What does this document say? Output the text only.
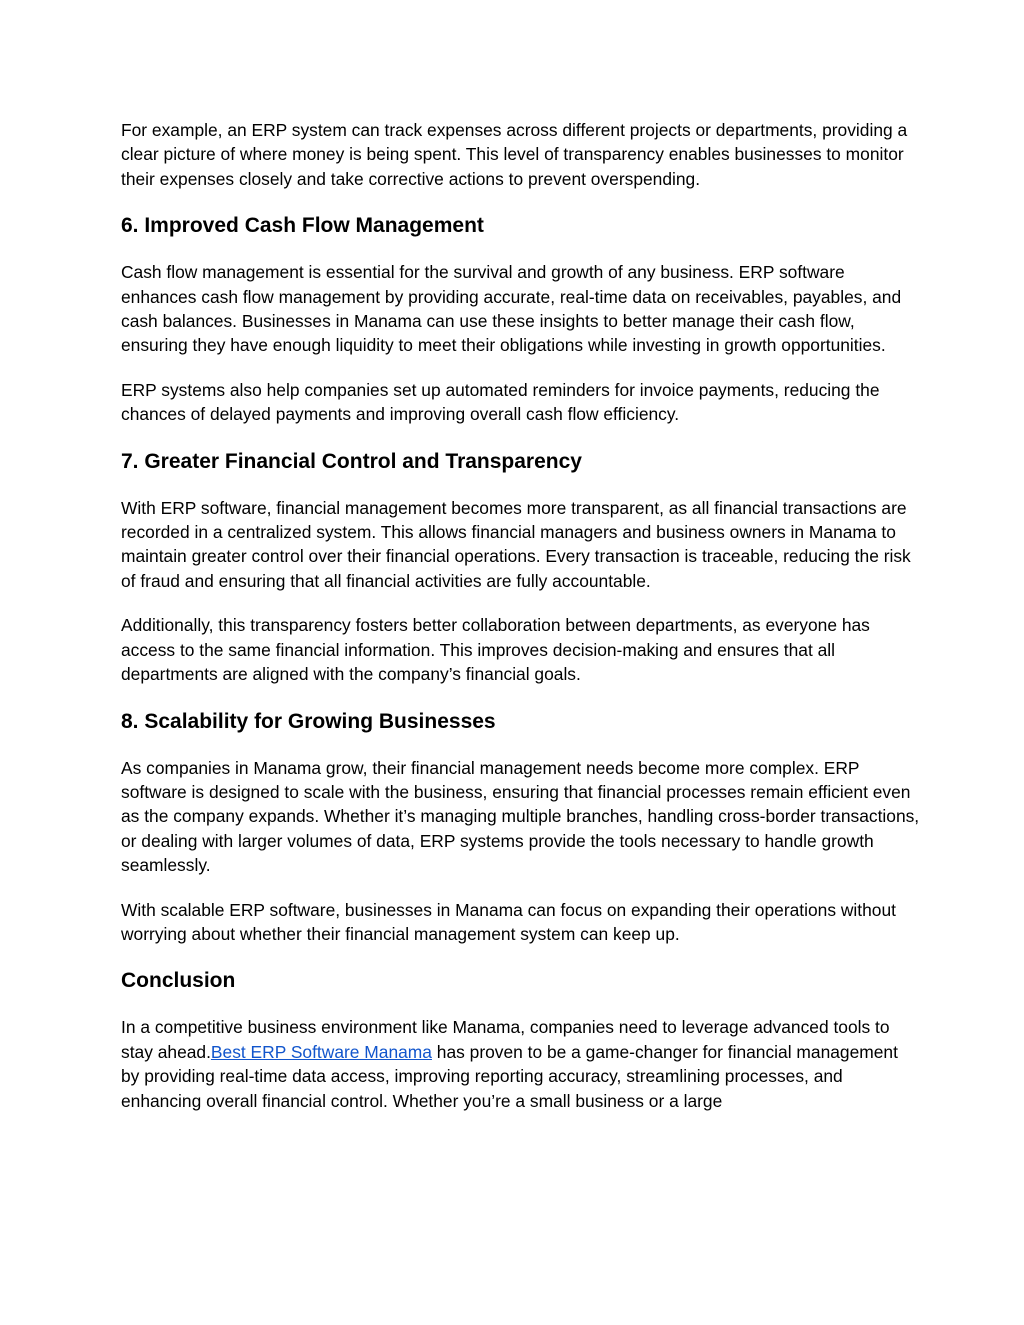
For example, an ERP system can track expenses across different projects or departments, providing a clear picture of where money is being spent. This level of transparency enables businesses to monitor their expenses closely and take corrective actions to prevent overspending.

6. Improved Cash Flow Management

Cash flow management is essential for the survival and growth of any business. ERP software enhances cash flow management by providing accurate, real-time data on receivables, payables, and cash balances. Businesses in Manama can use these insights to better manage their cash flow, ensuring they have enough liquidity to meet their obligations while investing in growth opportunities.

ERP systems also help companies set up automated reminders for invoice payments, reducing the chances of delayed payments and improving overall cash flow efficiency.

7. Greater Financial Control and Transparency

With ERP software, financial management becomes more transparent, as all financial transactions are recorded in a centralized system. This allows financial managers and business owners in Manama to maintain greater control over their financial operations. Every transaction is traceable, reducing the risk of fraud and ensuring that all financial activities are fully accountable.

Additionally, this transparency fosters better collaboration between departments, as everyone has access to the same financial information. This improves decision-making and ensures that all departments are aligned with the company’s financial goals.

8. Scalability for Growing Businesses

As companies in Manama grow, their financial management needs become more complex. ERP software is designed to scale with the business, ensuring that financial processes remain efficient even as the company expands. Whether it’s managing multiple branches, handling cross-border transactions, or dealing with larger volumes of data, ERP systems provide the tools necessary to handle growth seamlessly.

With scalable ERP software, businesses in Manama can focus on expanding their operations without worrying about whether their financial management system can keep up.

Conclusion

In a competitive business environment like Manama, companies need to leverage advanced tools to stay ahead.Best ERP Software Manama has proven to be a game-changer for financial management by providing real-time data access, improving reporting accuracy, streamlining processes, and enhancing overall financial control. Whether you’re a small business or a large
